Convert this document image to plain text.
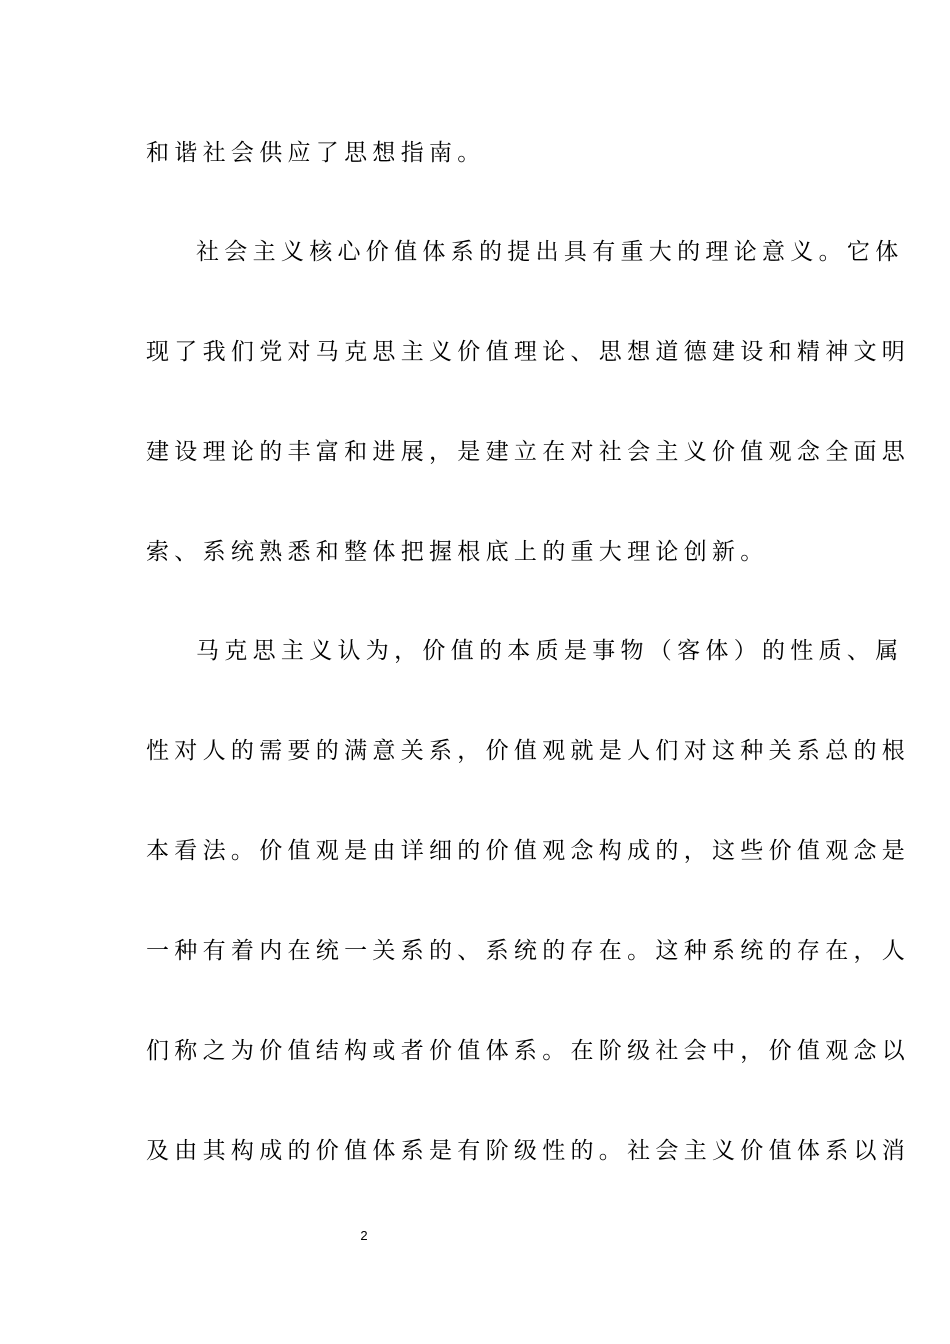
和谐社会供应了思想指南。
社会主义核心价值体系的提出具有重大的理论意义。它体
现了我们党对马克思主义价值理论、思想道德建设和精神文明
建设理论的丰富和进展，是建立在对社会主义价值观念全面思
索、系统熟悉和整体把握根底上的重大理论创新。
马克思主义认为，价值的本质是事物（客体）的性质、属
性对人的需要的满意关系，价值观就是人们对这种关系总的根
本看法。价值观是由详细的价值观念构成的，这些价值观念是
一种有着内在统一关系的、系统的存在。这种系统的存在，人
们称之为价值结构或者价值体系。在阶级社会中，价值观念以
及由其构成的价值体系是有阶级性的。社会主义价值体系以消
2
